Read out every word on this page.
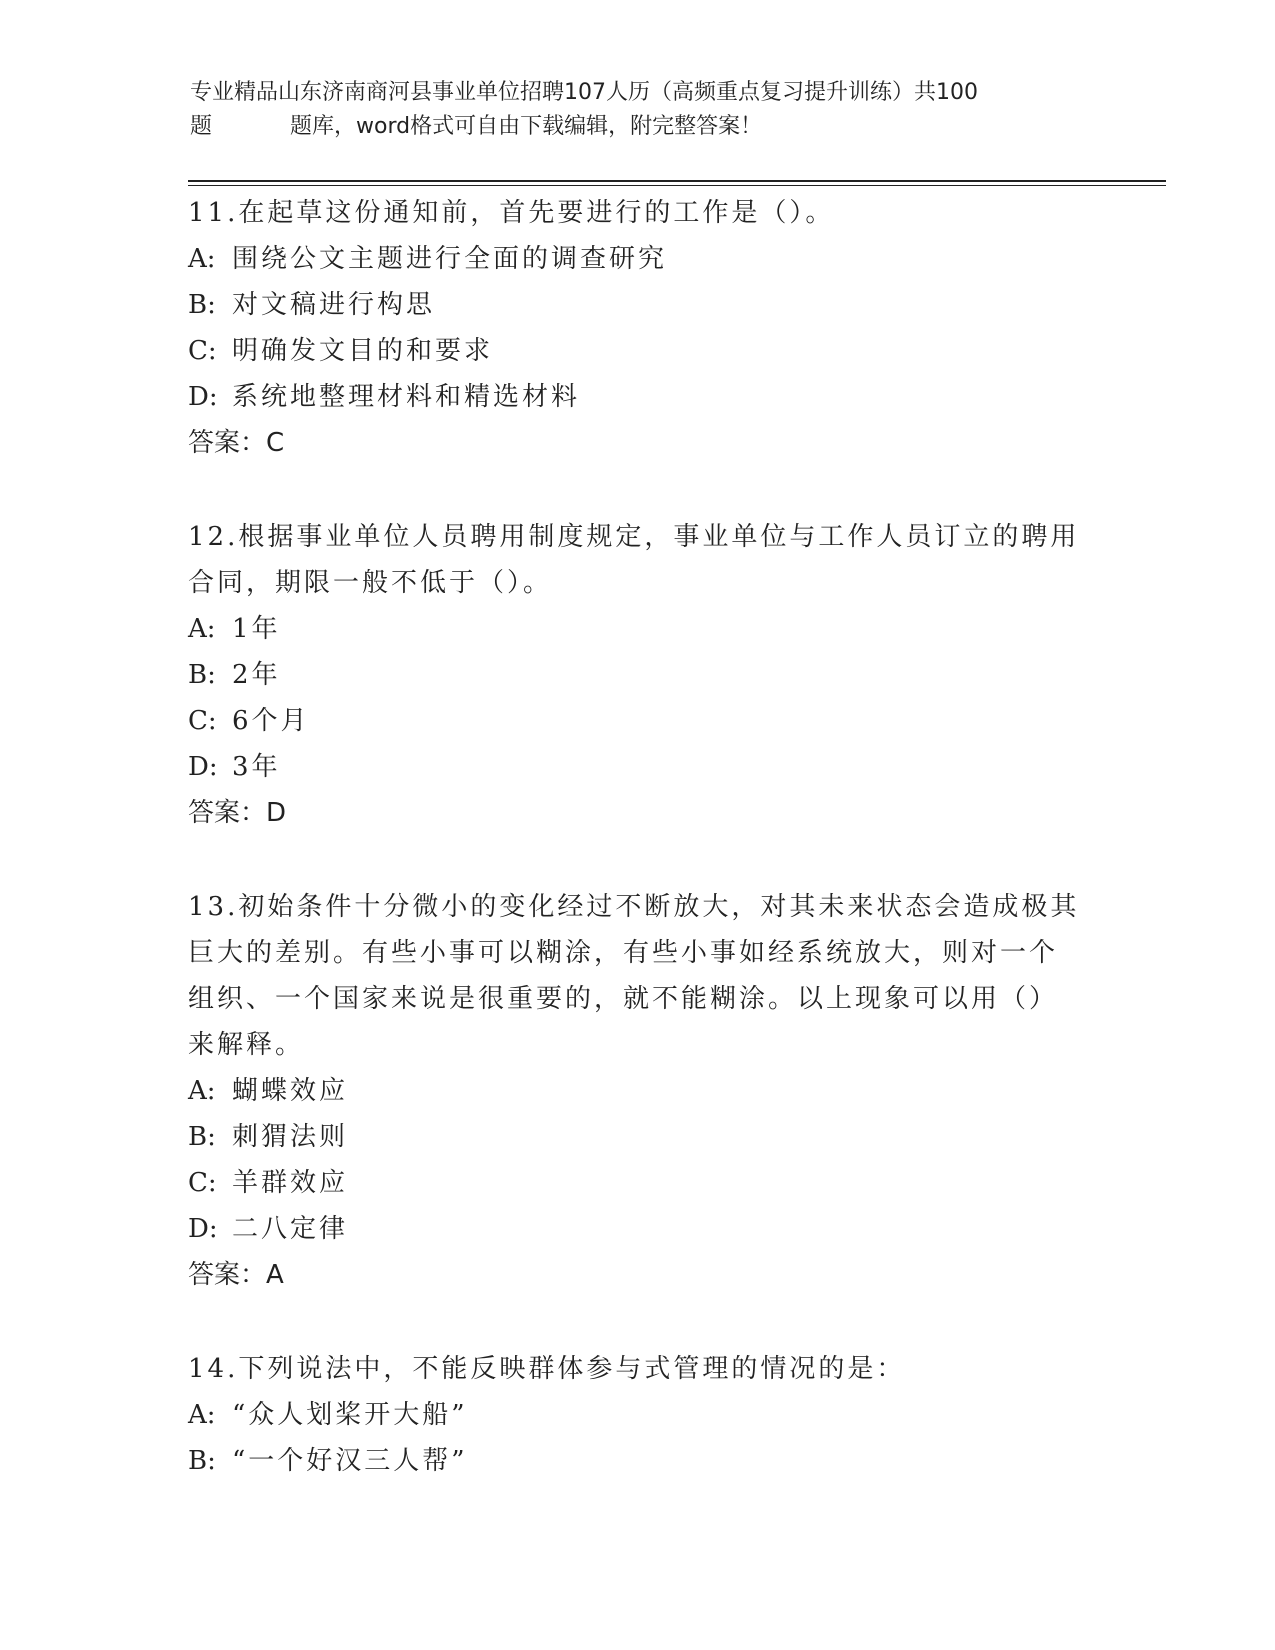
专业精品山东济南商河县事业单位招聘107人历（高频重点复习提升训练）共100
题	题库，word格式可自由下载编辑，附完整答案！
11.在起草这份通知前，首先要进行的工作是（）。
A: 围绕公文主题进行全面的调查研究
B: 对文稿进行构思
C: 明确发文目的和要求
D: 系统地整理材料和精选材料
答案：C
12.根据事业单位人员聘用制度规定，事业单位与工作人员订立的聘用
合同，期限一般不低于（）。
A: 1年
B: 2年
C: 6个月
D: 3年
答案：D
13.初始条件十分微小的变化经过不断放大，对其未来状态会造成极其
巨大的差别。有些小事可以糊涂，有些小事如经系统放大，则对一个
组织、一个国家来说是很重要的，就不能糊涂。以上现象可以用（）
来解释。
A: 蝴蝶效应
B: 刺猬法则
C: 羊群效应
D: 二八定律
答案：A
14.下列说法中，不能反映群体参与式管理的情况的是：
A: “众人划桨开大船”
B: “一个好汉三人帮”
